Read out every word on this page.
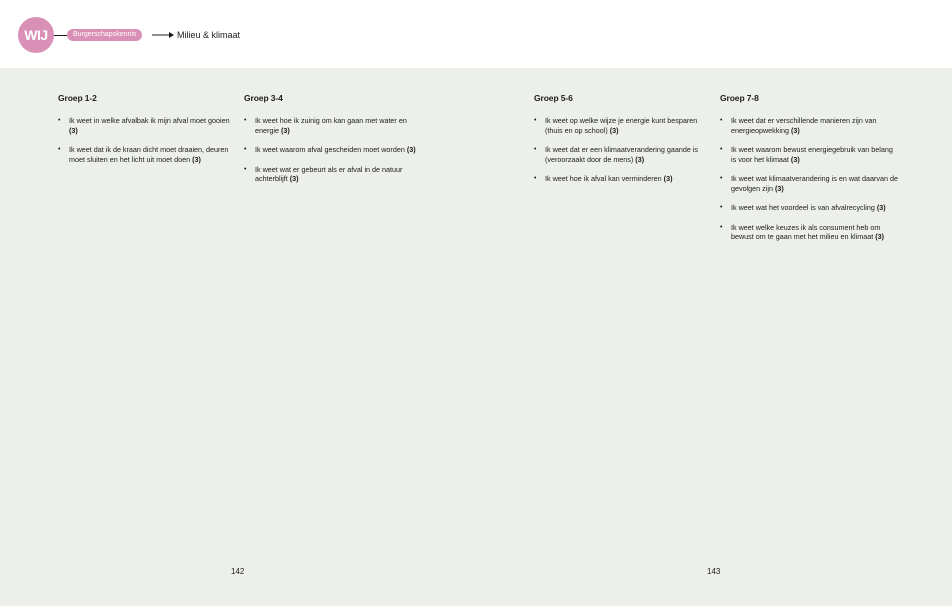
WIJ	Burgerschapskennis	Milieu & klimaat
Groep 1-2
• Ik weet in welke afvalbak ik mijn afval moet gooien (3)
• Ik weet dat ik de kraan dicht moet draaien, deuren moet sluiten en het licht uit moet doen (3)
Groep 3-4
• Ik weet hoe ik zuinig om kan gaan met water en energie (3)
• Ik weet waarom afval gescheiden moet worden (3)
• Ik weet wat er gebeurt als er afval in de natuur achterblijft (3)
Groep 5-6
• Ik weet op welke wijze je energie kunt besparen (thuis en op school) (3)
• Ik weet dat er een klimaatverandering gaande is (veroorzaakt door de mens) (3)
• Ik weet hoe ik afval kan verminderen (3)
Groep 7-8
• Ik weet dat er verschillende manieren zijn van energieopwekking (3)
• Ik weet waarom bewust energiegebruik van belang is voor het klimaat (3)
• Ik weet wat klimaatverandering is en wat daarvan de gevolgen zijn (3)
• Ik weet wat het voordeel is van afvalrecycling (3)
• Ik weet welke keuzes ik als consument heb om bewust om te gaan met het milieu en klimaat (3)
142	143
